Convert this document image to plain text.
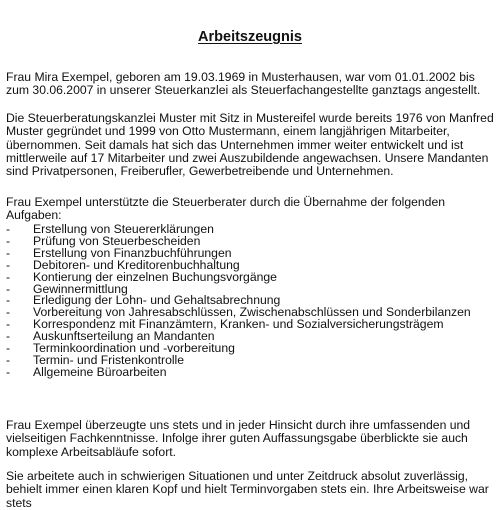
Arbeitszeugnis

Frau Mira Exempel, geboren am 19.03.1969 in Musterhausen, war vom 01.01.2002 bis zum 30.06.2007 in unserer Steuerkanzlei als Steuerfachangestellte ganztags angestellt.

Die Steuerberatungskanzlei Muster mit Sitz in Mustereifel wurde bereits 1976 von Manfred Muster gegründet und 1999 von Otto Mustermann, einem langjährigen Mitarbeiter, übernommen. Seit damals hat sich das Unternehmen immer weiter entwickelt und ist mittlerweile auf 17 Mitarbeiter und zwei Auszubildende angewachsen. Unsere Mandanten sind Privatpersonen, Freiberufler, Gewerbetreibende und Unternehmen.

Frau Exempel unterstützte die Steuerberater durch die Übernahme der folgenden Aufgaben:

- Erstellung von Steuererklärungen
- Prüfung von Steuerbescheiden
- Erstellung von Finanzbuchführungen
- Debitoren- und Kreditorenbuchhaltung
- Kontierung der einzelnen Buchungsvorgänge
- Gewinnermittlung
- Erledigung der Lohn- und Gehaltsabrechnung
- Vorbereitung von Jahresabschlüssen, Zwischenabschlüssen und Sonderbilanzen
- Korrespondenz mit Finanzämtern, Kranken- und Sozialversicherungsträgem
- Auskunftserteilung an Mandanten
- Terminkoordination und -vorbereitung
- Termin- und Fristenkontrolle
- Allgemeine Büroarbeiten

Frau Exempel überzeugte uns stets und in jeder Hinsicht durch ihre umfassenden und vielseitigen Fachkenntnisse. Infolge ihrer guten Auffassungsgabe überblickte sie auch komplexe Arbeitsabläufe sofort.

Sie arbeitete auch in schwierigen Situationen und unter Zeitdruck absolut zuverlässig, behielt immer einen klaren Kopf und hielt Terminvorgaben stets ein. Ihre Arbeitsweise war stets
